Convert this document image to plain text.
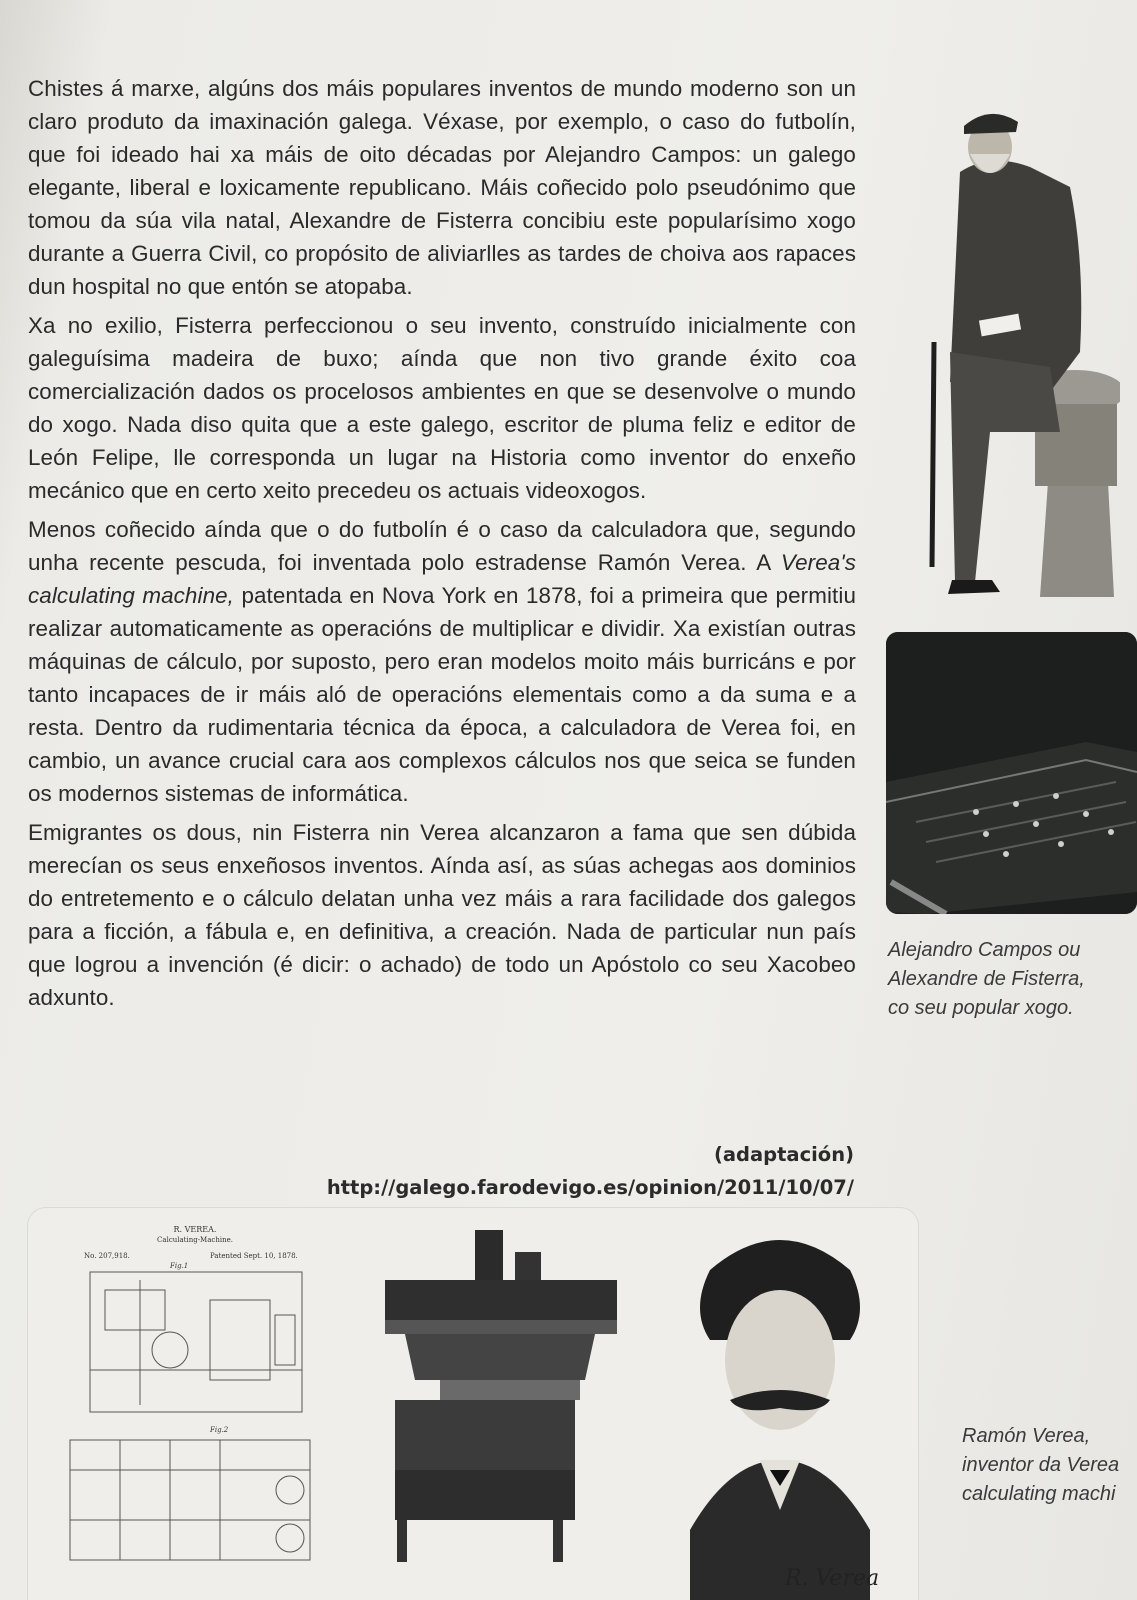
Chistes á marxe, algúns dos máis populares inventos de mundo moderno son un claro produto da imaxinación galega. Véxase, por exemplo, o caso do futbolín, que foi ideado hai xa máis de oito décadas por Alejandro Campos: un galego elegante, liberal e loxicamente republicano. Máis coñecido polo pseudónimo que tomou da súa vila natal, Alexandre de Fisterra concibiu este popularísimo xogo durante a Guerra Civil, co propósito de aliviarlles as tardes de choiva aos rapaces dun hospital no que entón se atopaba.

Xa no exilio, Fisterra perfeccionou o seu invento, construído inicialmente con galeguísima madeira de buxo; aínda que non tivo grande éxito coa comercialización dados os procelosos ambientes en que se desenvolve o mundo do xogo. Nada diso quita que a este galego, escritor de pluma feliz e editor de León Felipe, lle corresponda un lugar na Historia como inventor do enxeño mecánico que en certo xeito precedeu os actuais videoxogos.

Menos coñecido aínda que o do futbolín é o caso da calculadora que, segundo unha recente pescuda, foi inventada polo estradense Ramón Verea. A Verea's calculating machine, patentada en Nova York en 1878, foi a primeira que permitiu realizar automaticamente as operacións de multiplicar e dividir. Xa existían outras máquinas de cálculo, por suposto, pero eran modelos moito máis burricáns e por tanto incapaces de ir máis aló de operacións elementais como a da suma e a resta. Dentro da rudimentaria técnica da época, a calculadora de Verea foi, en cambio, un avance crucial cara aos complexos cálculos nos que seica se funden os modernos sistemas de informática.

Emigrantes os dous, nin Fisterra nin Verea alcanzaron a fama que sen dúbida merecían os seus enxeñosos inventos. Aínda así, as súas achegas aos dominios do entretemento e o cálculo delatan unha vez máis a rara facilidade dos galegos para a ficción, a fábula e, en definitiva, a creación. Nada de particular nun país que logrou a invención (é dicir: o achado) de todo un Apóstolo co seu Xacobeo adxunto.

(adaptación) http://galego.farodevigo.es/opinion/2011/10/07/
Alejandro Campos ou
Alexandre de Fisterra,
co seu popular xogo.
R. VEREA.
Calculating-Machine.
No. 207,918.	Patented Sept. 10, 1878.
Fig.1
Fig.2
R. Verea
Ramón Verea,
inventor da Verea
calculating machi
